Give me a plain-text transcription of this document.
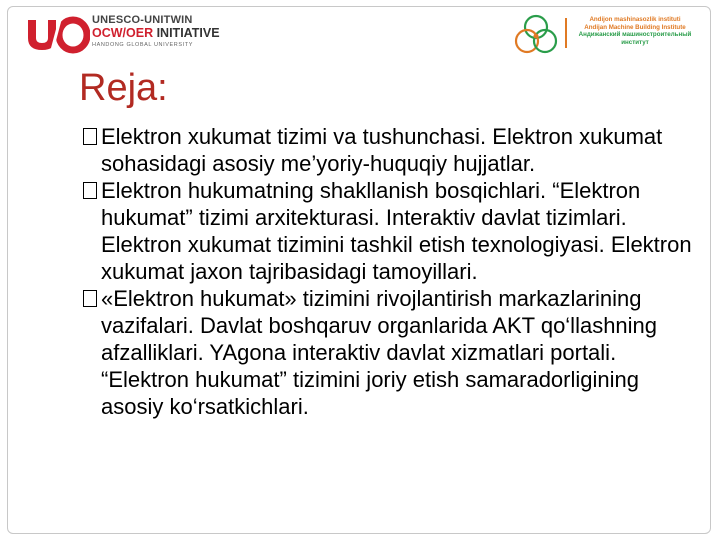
UNESCO-UNITWIN
OCW/OER INITIATIVE
HANDONG GLOBAL UNIVERSITY
Andijon mashinasozlik instituti
Andijan Machine Building Institute
Андижанский машиностроительный
институт
Reja:

Elektron xukumat tizimi va tushunchasi. Elektron xukumat sohasidagi asosiy me’yoriy-huquqiy hujjatlar.

Elektron hukumatning shakllanish bosqichlari. “Elektron hukumat” tizimi arxitekturasi. Interaktiv davlat tizimlari. Elektron xukumat tizimini tashkil etish texnologiyasi. Elektron xukumat jaxon tajribasidagi tamoyillari.

«Elektron hukumat» tizimini rivojlantirish markazlarining vazifalari. Davlat boshqaruv organlarida AKT qo‘llashning afzalliklari. YAgona interaktiv davlat xizmatlari portali. “Elektron hukumat” tizimini joriy etish samaradorligining asosiy ko‘rsatkichlari.
